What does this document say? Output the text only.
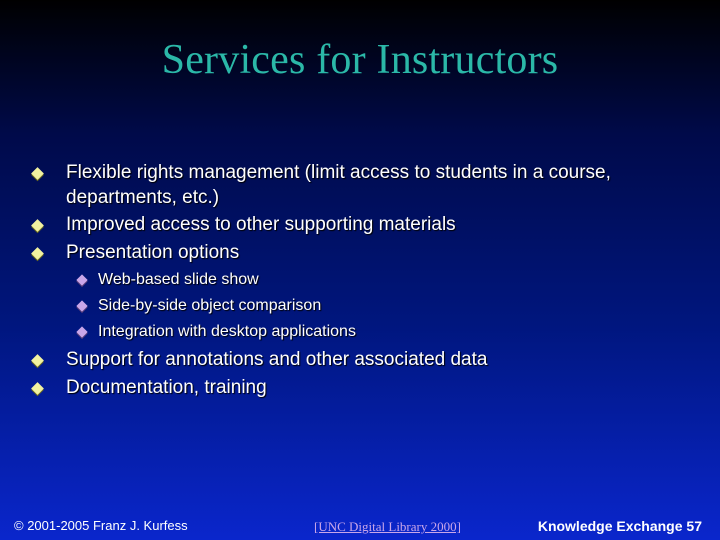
Services for Instructors
Flexible rights management (limit access to students in a course, departments, etc.)
Improved access to other supporting materials
Presentation options
Web-based slide show
Side-by-side object comparison
Integration with desktop applications
Support for annotations and other associated data
Documentation, training
© 2001-2005 Franz J. Kurfess	[UNC Digital Library 2000]	Knowledge Exchange 57
